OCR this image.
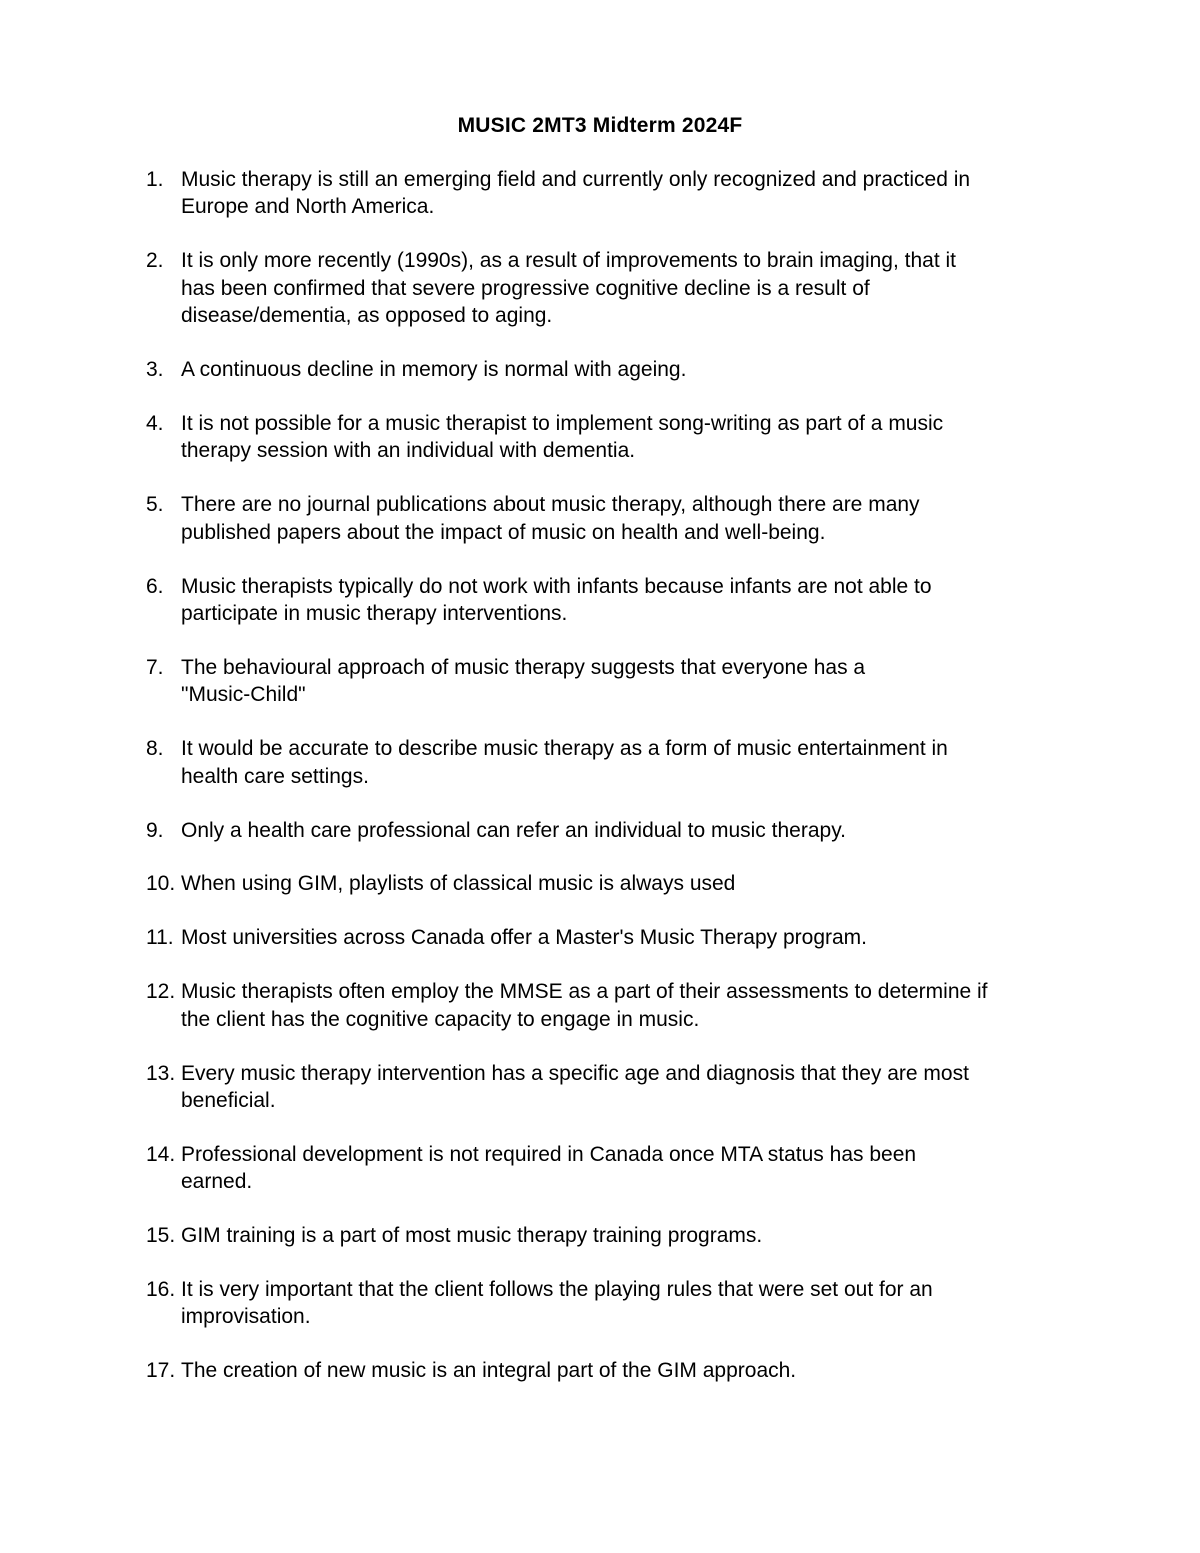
MUSIC 2MT3 Midterm 2024F
1. Music therapy is still an emerging field and currently only recognized and practiced in
Europe and North America.
2. It is only more recently (1990s), as a result of improvements to brain imaging, that it
has been confirmed that severe progressive cognitive decline is a result of
disease/dementia, as opposed to aging.
3. A continuous decline in memory is normal with ageing.
4. It is not possible for a music therapist to implement song-writing as part of a music
therapy session with an individual with dementia.
5. There are no journal publications about music therapy, although there are many
published papers about the impact of music on health and well-being.
6. Music therapists typically do not work with infants because infants are not able to
participate in music therapy interventions.
7. The behavioural approach of music therapy suggests that everyone has a
"Music-Child"
8. It would be accurate to describe music therapy as a form of music entertainment in
health care settings.
9. Only a health care professional can refer an individual to music therapy.
10. When using GIM, playlists of classical music is always used
11. Most universities across Canada offer a Master's Music Therapy program.
12. Music therapists often employ the MMSE as a part of their assessments to determine if
the client has the cognitive capacity to engage in music.
13. Every music therapy intervention has a specific age and diagnosis that they are most
beneficial.
14. Professional development is not required in Canada once MTA status has been
earned.
15. GIM training is a part of most music therapy training programs.
16. It is very important that the client follows the playing rules that were set out for an
improvisation.
17. The creation of new music is an integral part of the GIM approach.
